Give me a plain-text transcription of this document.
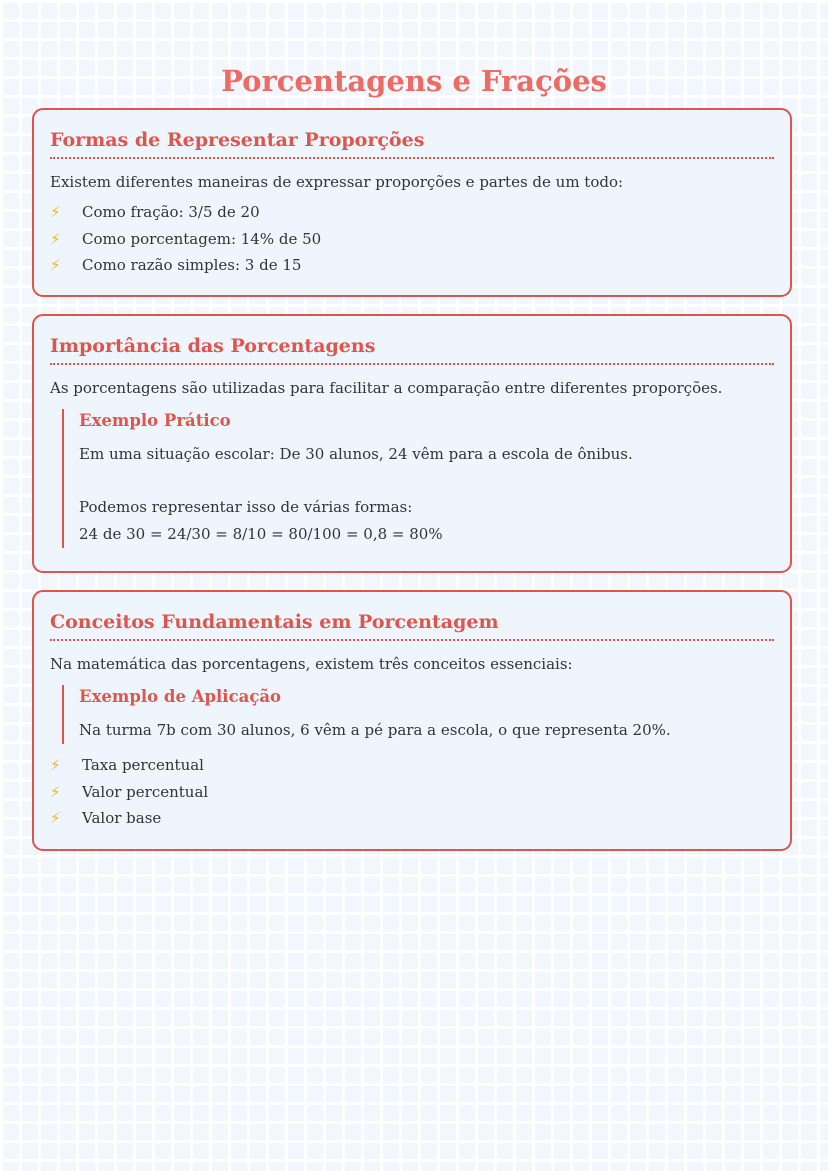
Porcentagens e Frações
Formas de Representar Proporções

Existem diferentes maneiras de expressar proporções e partes de um todo:

⚡	Como fração: 3/5 de 20
⚡	Como porcentagem: 14% de 50
⚡	Como razão simples: 3 de 15
Importância das Porcentagens

As porcentagens são utilizadas para facilitar a comparação entre diferentes proporções.

Exemplo Prático
Em uma situação escolar: De 30 alunos, 24 vêm para a escola de ônibus.
Podemos representar isso de várias formas:
24 de 30 = 24/30 = 8/10 = 80/100 = 0,8 = 80%
Conceitos Fundamentais em Porcentagem

Na matemática das porcentagens, existem três conceitos essenciais:

Exemplo de Aplicação
Na turma 7b com 30 alunos, 6 vêm a pé para a escola, o que representa 20%.
⚡	Taxa percentual
⚡	Valor percentual
⚡	Valor base
